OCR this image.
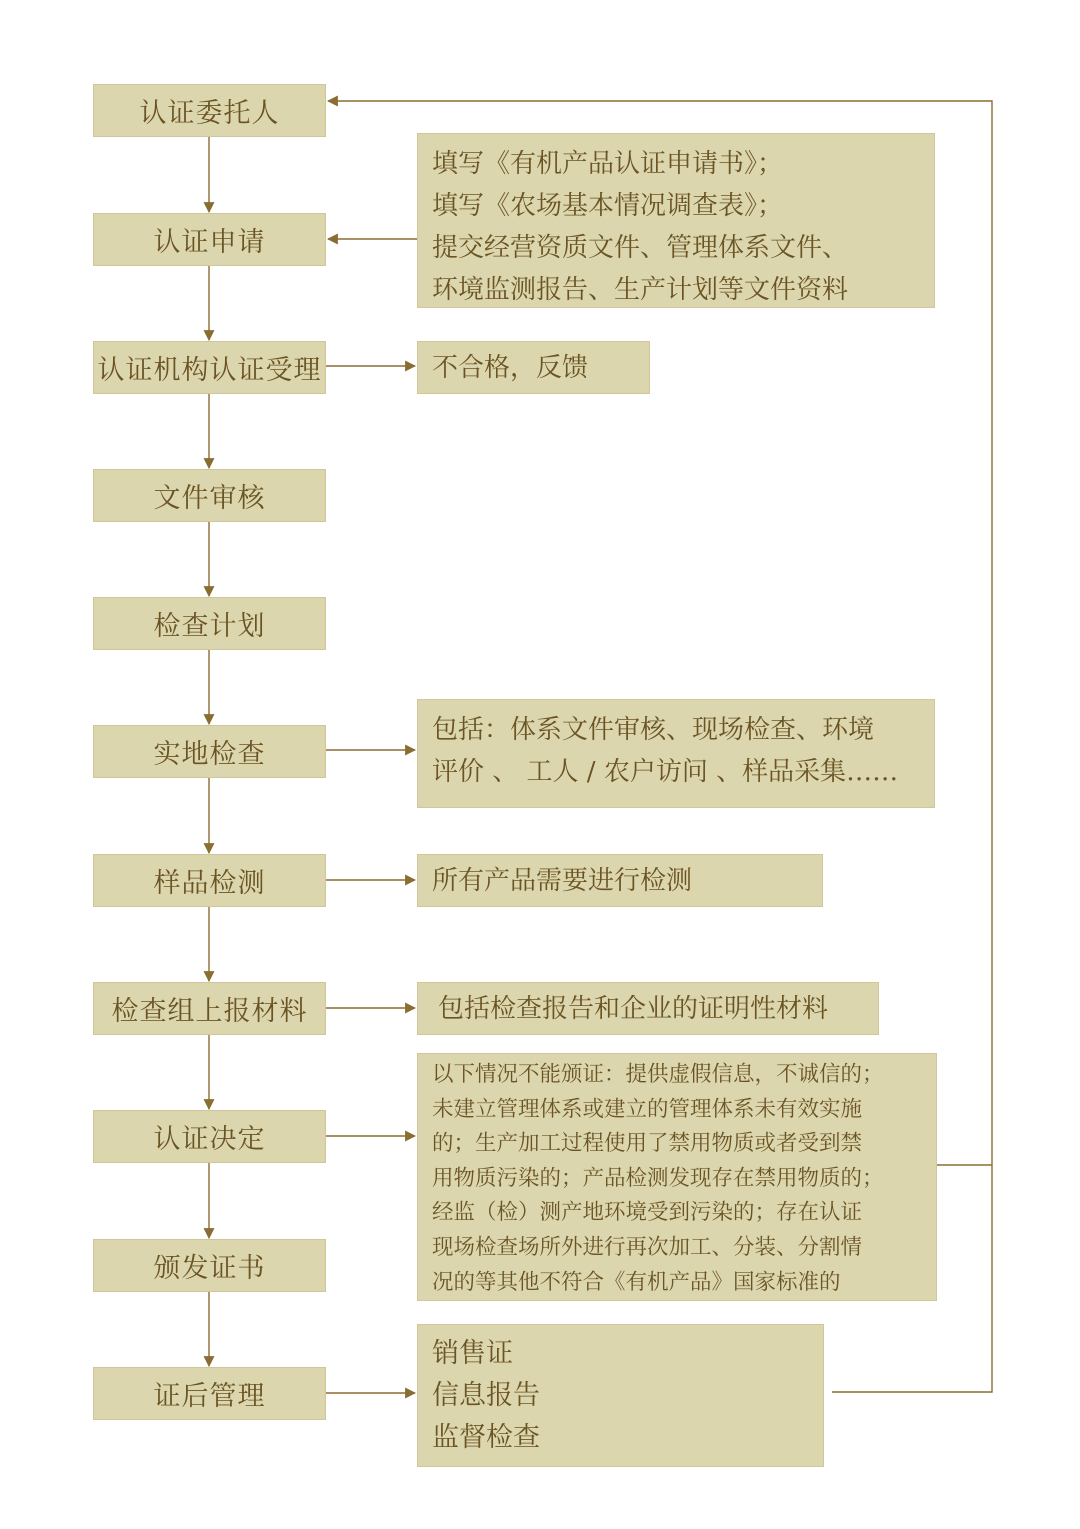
认证委托人
认证申请
认证机构认证受理
文件审核
检查计划
实地检查
样品检测
检查组上报材料
认证决定
颁发证书
证后管理
填写《有机产品认证申请书》；
填写《农场基本情况调查表》；
提交经营资质文件、管理体系文件、
环境监测报告、生产计划等文件资料
不合格，反馈
包括：体系文件审核、现场检查、环境
评价 、 工人 / 农户访问 、样品采集……
所有产品需要进行检测
包括检查报告和企业的证明性材料
以下情况不能颁证：提供虚假信息，不诚信的；
未建立管理体系或建立的管理体系未有效实施
的；生产加工过程使用了禁用物质或者受到禁
用物质污染的；产品检测发现存在禁用物质的；
经监（检）测产地环境受到污染的；存在认证
现场检查场所外进行再次加工、分装、分割情
况的等其他不符合《有机产品》国家标准的
销售证
信息报告
监督检查
